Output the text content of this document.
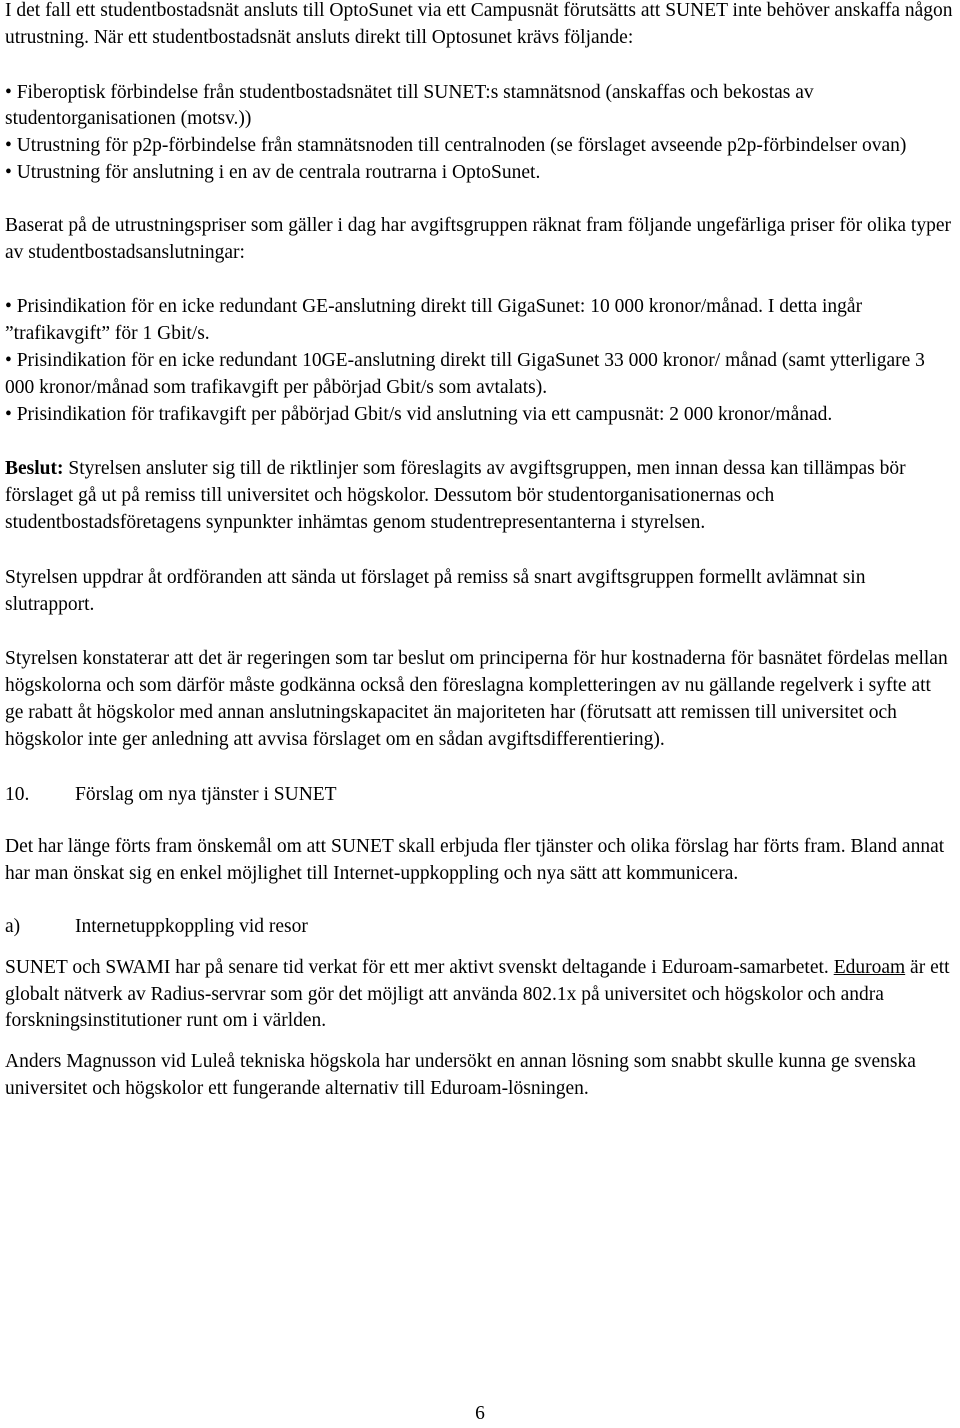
I det fall ett studentbostadsnät ansluts till OptoSunet via ett Campusnät förutsätts att SUNET inte behöver anskaffa någon utrustning. När ett studentbostadsnät ansluts direkt till Optosunet krävs följande:

• Fiberoptisk förbindelse från studentbostadsnätet till SUNET:s stamnätsnod (anskaffas och bekostas av studentorganisationen (motsv.))

• Utrustning för p2p-förbindelse från stamnätsnoden till centralnoden (se förslaget avseende p2p-förbindelser ovan)

• Utrustning för anslutning i en av de centrala routrarna i OptoSunet.

Baserat på de utrustningspriser som gäller i dag har avgiftsgruppen räknat fram följande ungefärliga priser för olika typer av studentbostadsanslutningar:

• Prisindikation för en icke redundant GE-anslutning direkt till GigaSunet: 10 000 kronor/månad. I detta ingår ”trafikavgift” för 1 Gbit/s.

• Prisindikation för en icke redundant 10GE-anslutning direkt till GigaSunet 33 000 kronor/ månad (samt ytterligare 3 000 kronor/månad som trafikavgift per påbörjad Gbit/s som avtalats).

• Prisindikation för trafikavgift per påbörjad Gbit/s vid anslutning via ett campusnät: 2 000 kronor/månad.

Beslut: Styrelsen ansluter sig till de riktlinjer som föreslagits av avgiftsgruppen, men innan dessa kan tillämpas bör förslaget gå ut på remiss till universitet och högskolor. Dessutom bör studentorganisationernas och studentbostadsföretagens synpunkter inhämtas genom studentrepresentanterna i styrelsen.

Styrelsen uppdrar åt ordföranden att sända ut förslaget på remiss så snart avgiftsgruppen formellt avlämnat sin slutrapport.

Styrelsen konstaterar att det är regeringen som tar beslut om principerna för hur kostnaderna för basnätet fördelas mellan högskolorna och som därför måste godkänna också den föreslagna kompletteringen av nu gällande regelverk i syfte att ge rabatt åt högskolor med annan anslutningskapacitet än majoriteten har (förutsatt att remissen till universitet och högskolor inte ger anledning att avvisa förslaget om en sådan avgiftsdifferentiering).

10.	Förslag om nya tjänster i SUNET

Det har länge förts fram önskemål om att SUNET skall erbjuda fler tjänster och olika förslag har förts fram. Bland annat har man önskat sig en enkel möjlighet till Internet-uppkoppling och nya sätt att kommunicera.

a)	Internetuppkoppling vid resor

SUNET och SWAMI har på senare tid verkat för ett mer aktivt svenskt deltagande i Eduroam-samarbetet. Eduroam är ett globalt nätverk av Radius-servrar som gör det möjligt att använda 802.1x på universitet och högskolor och andra forskningsinstitutioner runt om i världen.

Anders Magnusson vid Luleå tekniska högskola har undersökt en annan lösning som snabbt skulle kunna ge svenska universitet och högskolor ett fungerande alternativ till Eduroam-lösningen.

6
